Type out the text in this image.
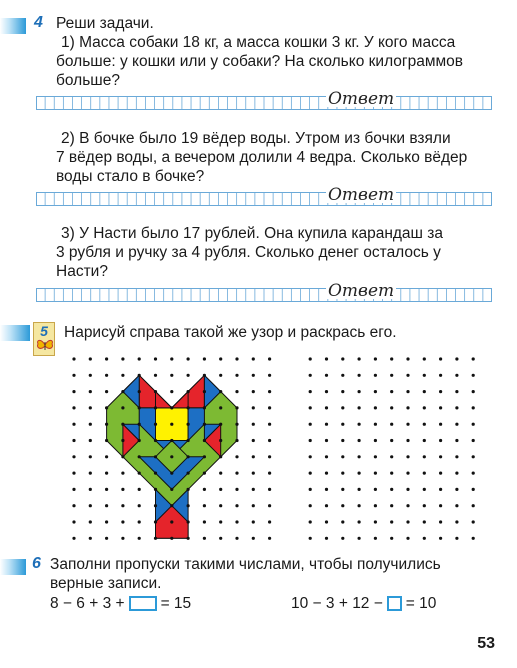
4 Реши задачи.
1) Масса собаки 18 кг, а масса кошки 3 кг. У кого масса
больше: у кошки или у собаки? На сколько килограммов
больше?
Ответ
2) В бочке было 19 вёдер воды. Утром из бочки взяли
7 вёдер воды, а вечером долили 4 ведра. Сколько вёдер
воды стало в бочке?
Ответ
3) У Насти было 17 рублей. Она купила карандаш за
3 рубля и ручку за 4 рубля. Сколько денег осталось у
Насти?
Ответ
5	Нарисуй справа такой же узор и раскрась его.
6 Заполни пропуски такими числами, чтобы получились
верные записи.
8 − 6 + 3 + = 15	10 − 3 + 12 − = 10
53
